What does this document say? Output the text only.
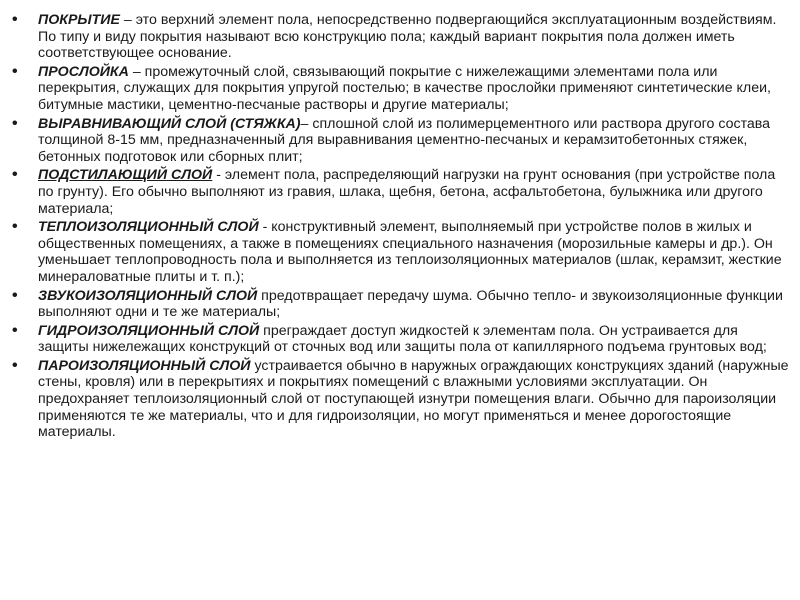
• ПОКРЫТИЕ – это верхний элемент пола, непосредственно подвергающийся эксплуатационным воздействиям. По типу и виду покрытия называют всю конструкцию пола; каждый вариант покрытия пола должен иметь соответствующее основание.
• ПРОСЛОЙКА – промежуточный слой, связывающий покрытие с нижележащими элементами пола или перекрытия, служащих для покрытия упругой постелью; в качестве прослойки применяют синтетические клеи, битумные мастики, цементно-песчаные растворы и другие материалы;
• ВЫРАВНИВАЮЩИЙ СЛОЙ (СТЯЖКА)– сплошной слой из полимерцементного или раствора другого состава толщиной 8-15 мм, предназначенный для выравнивания цементно-песчаных и керамзитобетонных стяжек, бетонных подготовок или сборных плит;
• ПОДСТИЛАЮЩИЙ СЛОЙ - элемент пола, распределяющий нагрузки на грунт основания (при устройстве пола по грунту). Его обычно выполняют из гравия, шлака, щебня, бетона, асфальтобетона, булыжника или другого материала;
• ТЕПЛОИЗОЛЯЦИОННЫЙ СЛОЙ - конструктивный элемент, выполняемый при устройстве полов в жилых и общественных помещениях, а также в помещениях специального назначения (морозильные камеры и др.). Он уменьшает теплопроводность пола и выполняется из теплоизоляционных материалов (шлак, керамзит, жесткие минераловатные плиты и т. п.);
• ЗВУКОИЗОЛЯЦИОННЫЙ СЛОЙ предотвращает передачу шума. Обычно тепло- и звукоизоляционные функции выполняют одни и те же материалы;
• ГИДРОИЗОЛЯЦИОННЫЙ СЛОЙ преграждает доступ жидкостей к элементам пола. Он устраивается для защиты нижележащих конструкций от сточных вод или защиты пола от капиллярного подъема грунтовых вод;
• ПАРОИЗОЛЯЦИОННЫЙ СЛОЙ устраивается обычно в наружных ограждающих конструкциях зданий (наружные стены, кровля) или в перекрытиях и покрытиях помещений с влажными условиями эксплуатации. Он предохраняет теплоизоляционный слой от поступающей изнутри помещения влаги. Обычно для пароизоляции применяются те же материалы, что и для гидроизоляции, но могут применяться и менее дорогостоящие материалы.
